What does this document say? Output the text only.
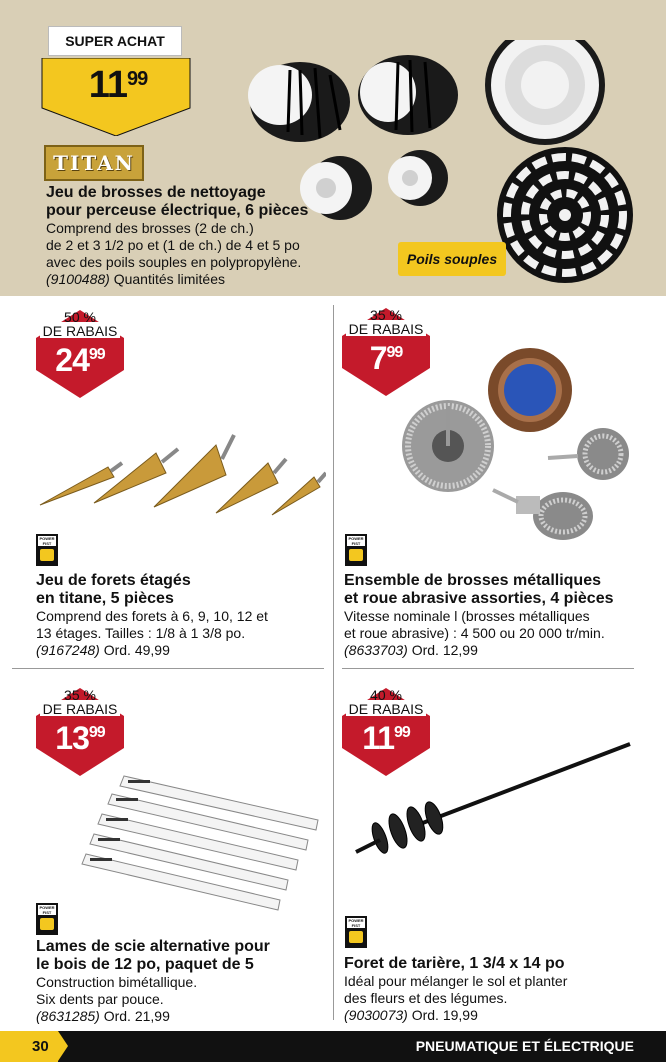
SUPER ACHAT
$11^{99}$
TITAN

Jeu de brosses de nettoyage

pour perceuse électrique, 6 pièces

Comprend des brosses (2 de ch.)

de 2 et 3 1/2 po et (1 de ch.) de 4 et 5 po

avec des poils souples en polypropylène.

(9100488) Quantités limitées

Poils souples
50 %
DE RABAIS
$24^{99}$
POWER FIST

Jeu de forets étagés

en titane, 5 pièces

Comprend des forets à 6, 9, 10, 12 et

13 étages. Tailles : 1/8 à 1 3/8 po.

(9167248) Ord. 49,99

35 %
DE RABAIS
$7^{99}$
POWER FIST

Ensemble de brosses métalliques

et roue abrasive assorties, 4 pièces

Vitesse nominale l (brosses métalliques

et roue abrasive) : 4 500 ou 20 000 tr/min.

(8633703) Ord. 12,99

35 %
DE RABAIS
$13^{99}$
POWER FIST

Lames de scie alternative pour

le bois de 12 po, paquet de 5

Construction bimétallique.

Six dents par pouce.

(8631285) Ord. 21,99

40 %
DE RABAIS
$11^{99}$
POWER FIST

Foret de tarière, 1 3/4 x 14 po

Idéal pour mélanger le sol et planter

des fleurs et des légumes.

(9030073) Ord. 19,99

30	PNEUMATIQUE ET ÉLECTRIQUE
